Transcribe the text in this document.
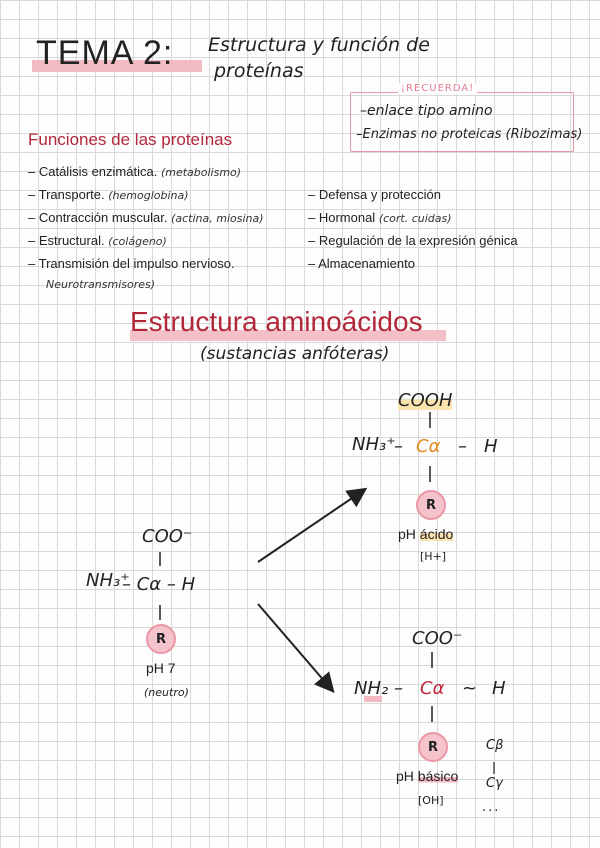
TEMA 2: Estructura y función de
proteínas
¡RECUERDA!
–enlace tipo amino
–Enzimas no proteicas (Ribozimas)
Funciones de las proteínas
– Catálisis enzimática. (metabolismo)
– Transporte. (hemoglobina)
– Contracción muscular. (actina, miosina)
– Estructural. (colágeno)
– Transmisión del impulso nervioso.
Neurotransmisores)
– Defensa y protección
– Hormonal (cort. cuidas)
– Regulación de la expresión génica
– Almacenamiento
Estructura aminoácidos
(sustancias anfóteras)
COO⁻
NH₃⁺
– Cα – H
R
pH 7
(neutro)
COOH
NH₃⁺
– Cα – H
R
pH ácido
[H+]
COO⁻
NH₂ – Cα ~ H
R
pH básico
[OH]
Cβ
Cγ
...
